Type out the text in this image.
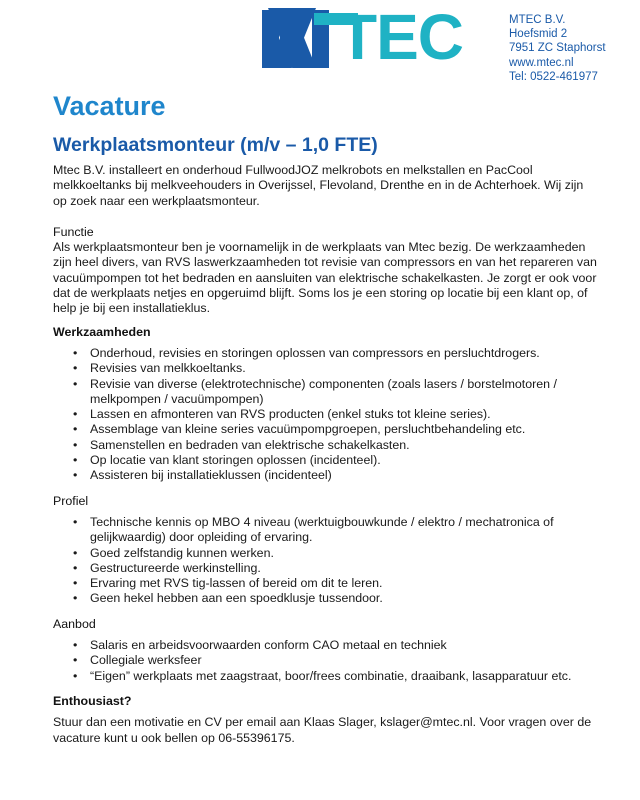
TEC	MTEC B.V.
Hoefsmid 2
7951 ZC Staphorst
www.mtec.nl
Tel: 0522-461977
Vacature
Werkplaatsmonteur (m/v – 1,0 FTE)

Mtec B.V. installeert en onderhoud FullwoodJOZ melkrobots en melkstallen en PacCool melkkoeltanks bij melkveehouders in Overijssel, Flevoland, Drenthe en in de Achterhoek. Wij zijn op zoek naar een werkplaatsmonteur.

Functie

Als werkplaatsmonteur ben je voornamelijk in de werkplaats van Mtec bezig. De werkzaamheden zijn heel divers, van RVS laswerkzaamheden tot revisie van compressors en van het repareren van vacuümpompen tot het bedraden en aansluiten van elektrische schakelkasten. Je zorgt er ook voor dat de werkplaats netjes en opgeruimd blijft. Soms los je een storing op locatie bij een klant op, of help je bij een installatieklus.

Werkzaamheden
• Onderhoud, revisies en storingen oplossen van compressors en persluchtdrogers.
• Revisies van melkkoeltanks.
• Revisie van diverse (elektrotechnische) componenten (zoals lasers / borstelmotoren / melkpompen / vacuümpompen)
• Lassen en afmonteren van RVS producten (enkel stuks tot kleine series).
• Assemblage van kleine series vacuümpompgroepen, persluchtbehandeling etc.
• Samenstellen en bedraden van elektrische schakelkasten.
• Op locatie van klant storingen oplossen (incidenteel).
• Assisteren bij installatieklussen (incidenteel)
Profiel
• Technische kennis op MBO 4 niveau (werktuigbouwkunde / elektro / mechatronica of gelijkwaardig) door opleiding of ervaring.
• Goed zelfstandig kunnen werken.
• Gestructureerde werkinstelling.
• Ervaring met RVS tig-lassen of bereid om dit te leren.
• Geen hekel hebben aan een spoedklusje tussendoor.
Aanbod
• Salaris en arbeidsvoorwaarden conform CAO metaal en techniek
• Collegiale werksfeer
• “Eigen” werkplaats met zaagstraat, boor/frees combinatie, draaibank, lasapparatuur etc.
Enthousiast?

Stuur dan een motivatie en CV per email aan Klaas Slager, kslager@mtec.nl. Voor vragen over de vacature kunt u ook bellen op 06-55396175.
